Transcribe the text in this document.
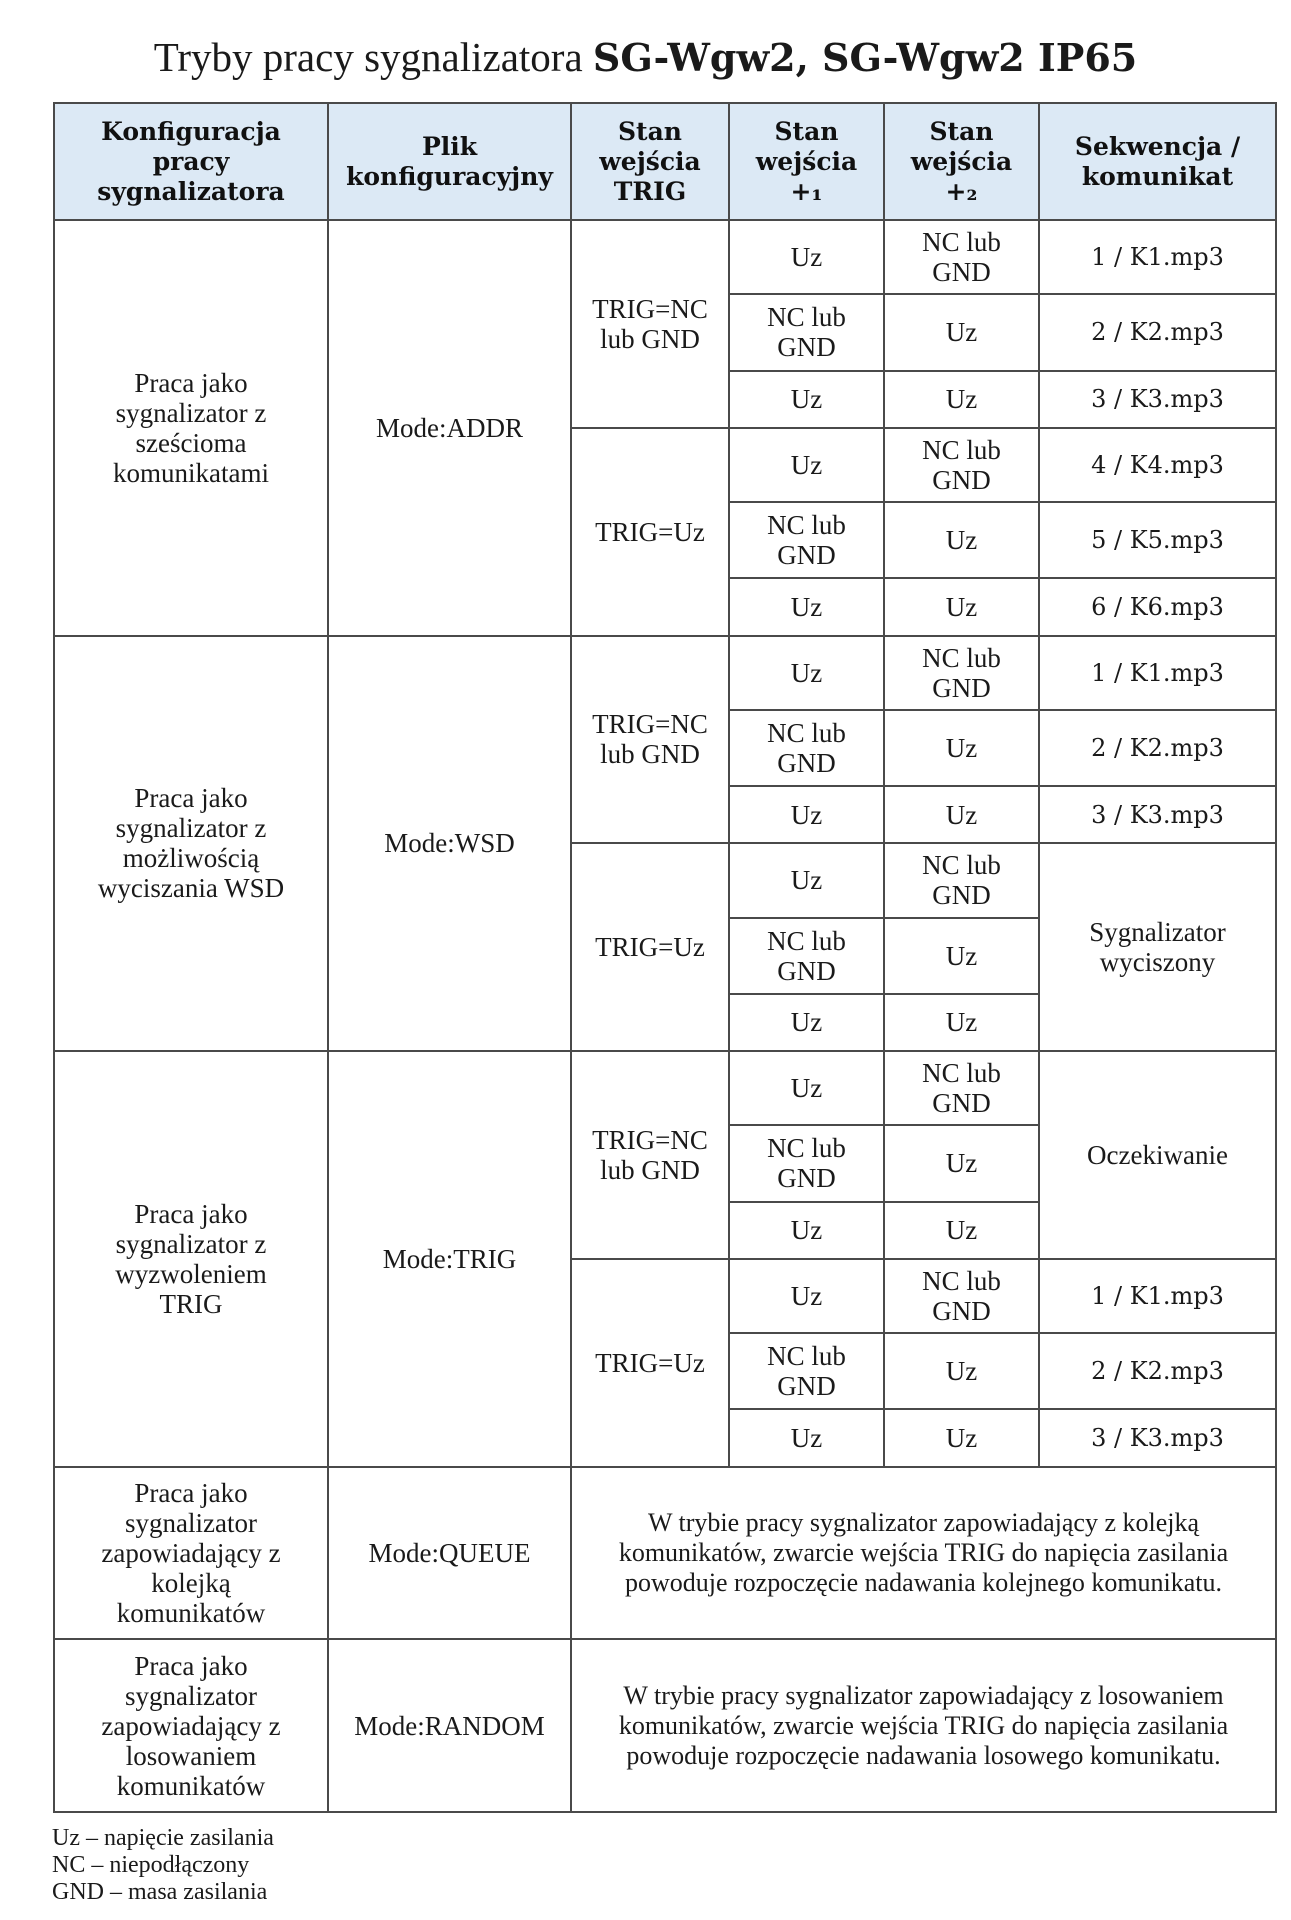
Tryby pracy sygnalizatora SG-Wgw2, SG-Wgw2 IP65
Konfiguracja pracy sygnalizatora	Plik konfiguracyjny	Stan wejścia TRIG	Stan wejścia +₁	Stan wejścia +₂	Sekwencja / komunikat

Praca jako sygnalizator z sześcioma komunikatami	Mode:ADDR	TRIG=NC lub GND	Uz	NC lub GND	1 / K1.mp3

			NC lub GND	Uz	2 / K2.mp3

			Uz	Uz	3 / K3.mp3

		TRIG=Uz	Uz	NC lub GND	4 / K4.mp3

			NC lub GND	Uz	5 / K5.mp3

			Uz	Uz	6 / K6.mp3

Praca jako sygnalizator z możliwością wyciszania WSD	Mode:WSD	TRIG=NC lub GND	Uz	NC lub GND	1 / K1.mp3

			NC lub GND	Uz	2 / K2.mp3

			Uz	Uz	3 / K3.mp3

		TRIG=Uz	Uz	NC lub GND	Sygnalizator wyciszony

			NC lub GND	Uz	

			Uz	Uz	

Praca jako sygnalizator z wyzwoleniem TRIG	Mode:TRIG	TRIG=NC lub GND	Uz	NC lub GND	Oczekiwanie

			NC lub GND	Uz	

			Uz	Uz	

		TRIG=Uz	Uz	NC lub GND	1 / K1.mp3

			NC lub GND	Uz	2 / K2.mp3

			Uz	Uz	3 / K3.mp3

Praca jako sygnalizator zapowiadający z kolejką komunikatów	Mode:QUEUE	W trybie pracy sygnalizator zapowiadający z kolejką komunikatów, zwarcie wejścia TRIG do napięcia zasilania powoduje rozpoczęcie nadawania kolejnego komunikatu.			

Praca jako sygnalizator zapowiadający z losowaniem komunikatów	Mode:RANDOM	W trybie pracy sygnalizator zapowiadający z losowaniem komunikatów, zwarcie wejścia TRIG do napięcia zasilania powoduje rozpoczęcie nadawania losowego komunikatu.			
Uz – napięcie zasilania
NC – niepodłączony
GND – masa zasilania
